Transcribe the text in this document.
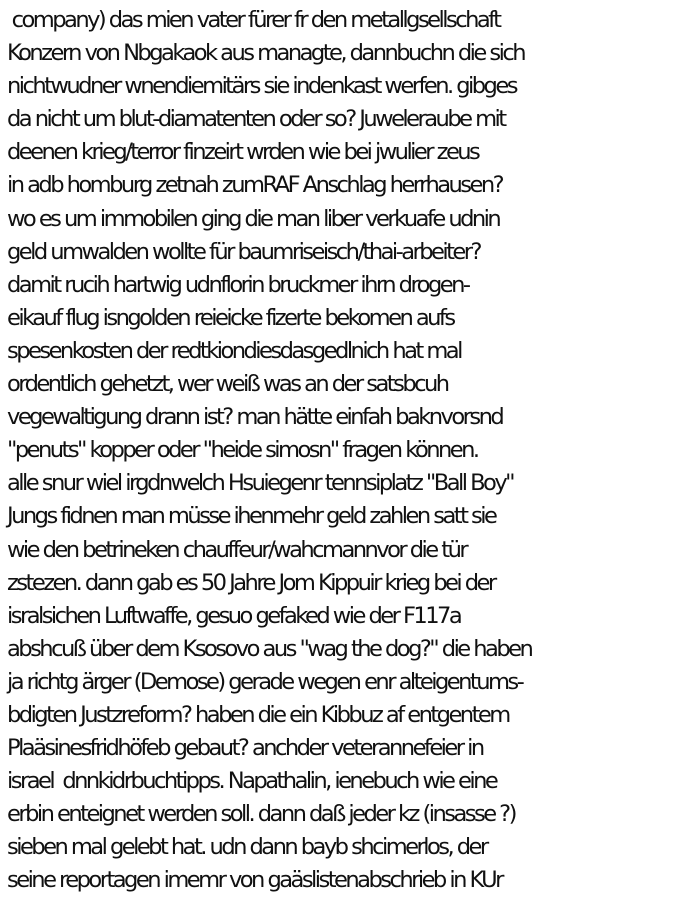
company) das mien vater fürer fr den metallgsellschaft
Konzern von Nbgakaok aus managte, dannbuchn die sich
nichtwudner wnendiemitärs sie indenkast werfen. gibges
da nicht um blut-diamatenten oder so? Juweleraube mit
deenen krieg/terror finzeirt wrden wie bei jwulier zeus
in adb homburg zetnah zumRAF Anschlag herrhausen?
wo es um immobilen ging die man liber verkuafe udnin
geld umwalden wollte für baumriseisch/thai-arbeiter?
damit rucih hartwig udnflorin bruckmer ihrn drogen-
eikauf flug isngolden reieicke fizerte bekomen aufs
spesenkosten der redtkiondiesdasgedlnich hat mal
ordentlich gehetzt, wer weiß was an der satsbcuh
vegewaltigung drann ist? man hätte einfah baknvorsnd
"penuts" kopper oder "heide simosn" fragen können.
alle snur wiel irgdnwelch Hsuiegenr tennsiplatz "Ball Boy"
Jungs fidnen man müsse ihenmehr geld zahlen satt sie
wie den betrineken chauffeur/wahcmannvor die tür
zstezen. dann gab es 50 Jahre Jom Kippuir krieg bei der
isralsichen Luftwaffe, gesuo gefaked wie der F117a
abshcuß über dem Ksosovo aus "wag the dog?" die haben
ja richtg ärger (Demose) gerade wegen enr alteigentums-
bdigten Justzreform? haben die ein Kibbuz af entgentem
Plaäsinesfridhöfeb gebaut? anchder veterannefeier in
israel  dnnkidrbuchtipps. Napathalin, ienebuch wie eine
erbin enteignet werden soll. dann daß jeder kz (insasse ?)
sieben mal gelebt hat. udn dann bayb shcimerlos, der
seine reportagen imemr von gaäslistenabschrieb in KUr
